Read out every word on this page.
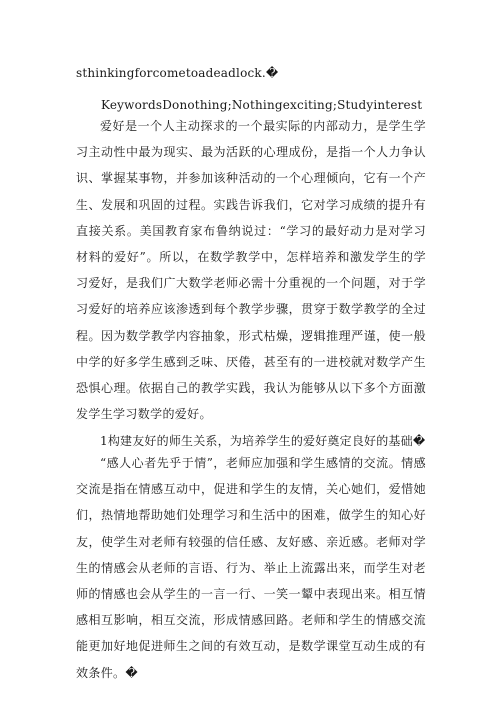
sthinkingforcometoadeadlock.�
KeywordsDonothing;Nothingexciting;Studyinterest
爱好是一个人主动探求的一个最实际的内部动力，是学生学习主动性中最为现实、最为活跃的心理成份，是指一个人力争认识、掌握某事物，并参加该种活动的一个心理倾向，它有一个产生、发展和巩固的过程。实践告诉我们，它对学习成绩的提升有直接关系。美国教育家布鲁纳说过：“学习的最好动力是对学习材料的爱好”。所以，在数学教学中，怎样培养和激发学生的学习爱好，是我们广大数学老师必需十分重视的一个问题，对于学习爱好的培养应该渗透到每个教学步骤，贯穿于数学教学的全过程。因为数学教学内容抽象，形式枯燥，逻辑推理严谨，使一般中学的好多学生感到乏味、厌倦，甚至有的一进校就对数学产生恐惧心理。依据自己的教学实践，我认为能够从以下多个方面激发学生学习数学的爱好。
1构建友好的师生关系，为培养学生的爱好奠定良好的基础�
“感人心者先乎于情”，老师应加强和学生感情的交流。情感交流是指在情感互动中，促进和学生的友情，关心她们，爱惜她们，热情地帮助她们处理学习和生活中的困难，做学生的知心好友，使学生对老师有较强的信任感、友好感、亲近感。老师对学生的情感会从老师的言语、行为、举止上流露出来，而学生对老师的情感也会从学生的一言一行、一笑一颦中表现出来。相互情感相互影响，相互交流，形成情感回路。老师和学生的情感交流能更加好地促进师生之间的有效互动，是数学课堂互动生成的有效条件。�
